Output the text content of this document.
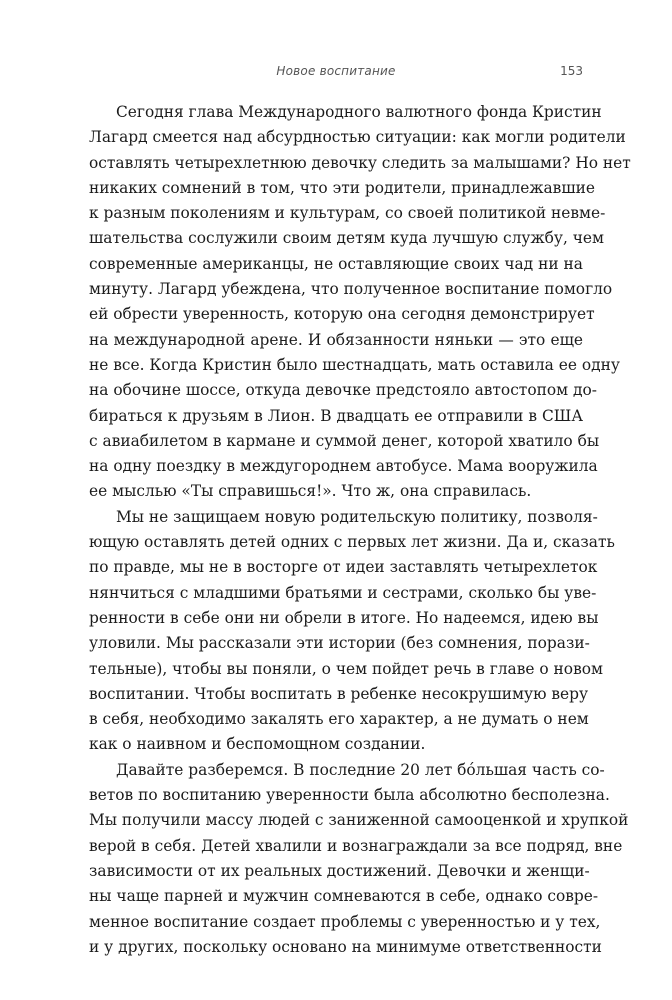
Новое воспитание	153
Сегодня глава Международного валютного фонда Кристин
Лагард смеется над абсурдностью ситуации: как могли родители
оставлять четырехлетнюю девочку следить за малышами? Но нет
никаких сомнений в том, что эти родители, принадлежавшие
к разным поколениям и культурам, со своей политикой невме-
шательства сослужили своим детям куда лучшую службу, чем
современные американцы, не оставляющие своих чад ни на
минуту. Лагард убеждена, что полученное воспитание помогло
ей обрести уверенность, которую она сегодня демонстрирует
на международной арене. И обязанности няньки — это еще
не все. Когда Кристин было шестнадцать, мать оставила ее одну
на обочине шоссе, откуда девочке предстояло автостопом до-
бираться к друзьям в Лион. В двадцать ее отправили в США
с авиабилетом в кармане и суммой денег, которой хватило бы
на одну поездку в междугороднем автобусе. Мама вооружила
ее мыслью «Ты справишься!». Что ж, она справилась.
Мы не защищаем новую родительскую политику, позволя-
ющую оставлять детей одних с первых лет жизни. Да и, сказать
по правде, мы не в восторге от идеи заставлять четырехлеток
нянчиться с младшими братьями и сестрами, сколько бы уве-
ренности в себе они ни обрели в итоге. Но надеемся, идею вы
уловили. Мы рассказали эти истории (без сомнения, порази-
тельные), чтобы вы поняли, о чем пойдет речь в главе о новом
воспитании. Чтобы воспитать в ребенке несокрушимую веру
в себя, необходимо закалять его характер, а не думать о нем
как о наивном и беспомощном создании.
Давайте разберемся. В последние 20 лет бóльшая часть со-
ветов по воспитанию уверенности была абсолютно бесполезна.
Мы получили массу людей с заниженной самооценкой и хрупкой
верой в себя. Детей хвалили и вознаграждали за все подряд, вне
зависимости от их реальных достижений. Девочки и женщи-
ны чаще парней и мужчин сомневаются в себе, однако совре-
менное воспитание создает проблемы с уверенностью и у тех,
и у других, поскольку основано на минимуме ответственности
